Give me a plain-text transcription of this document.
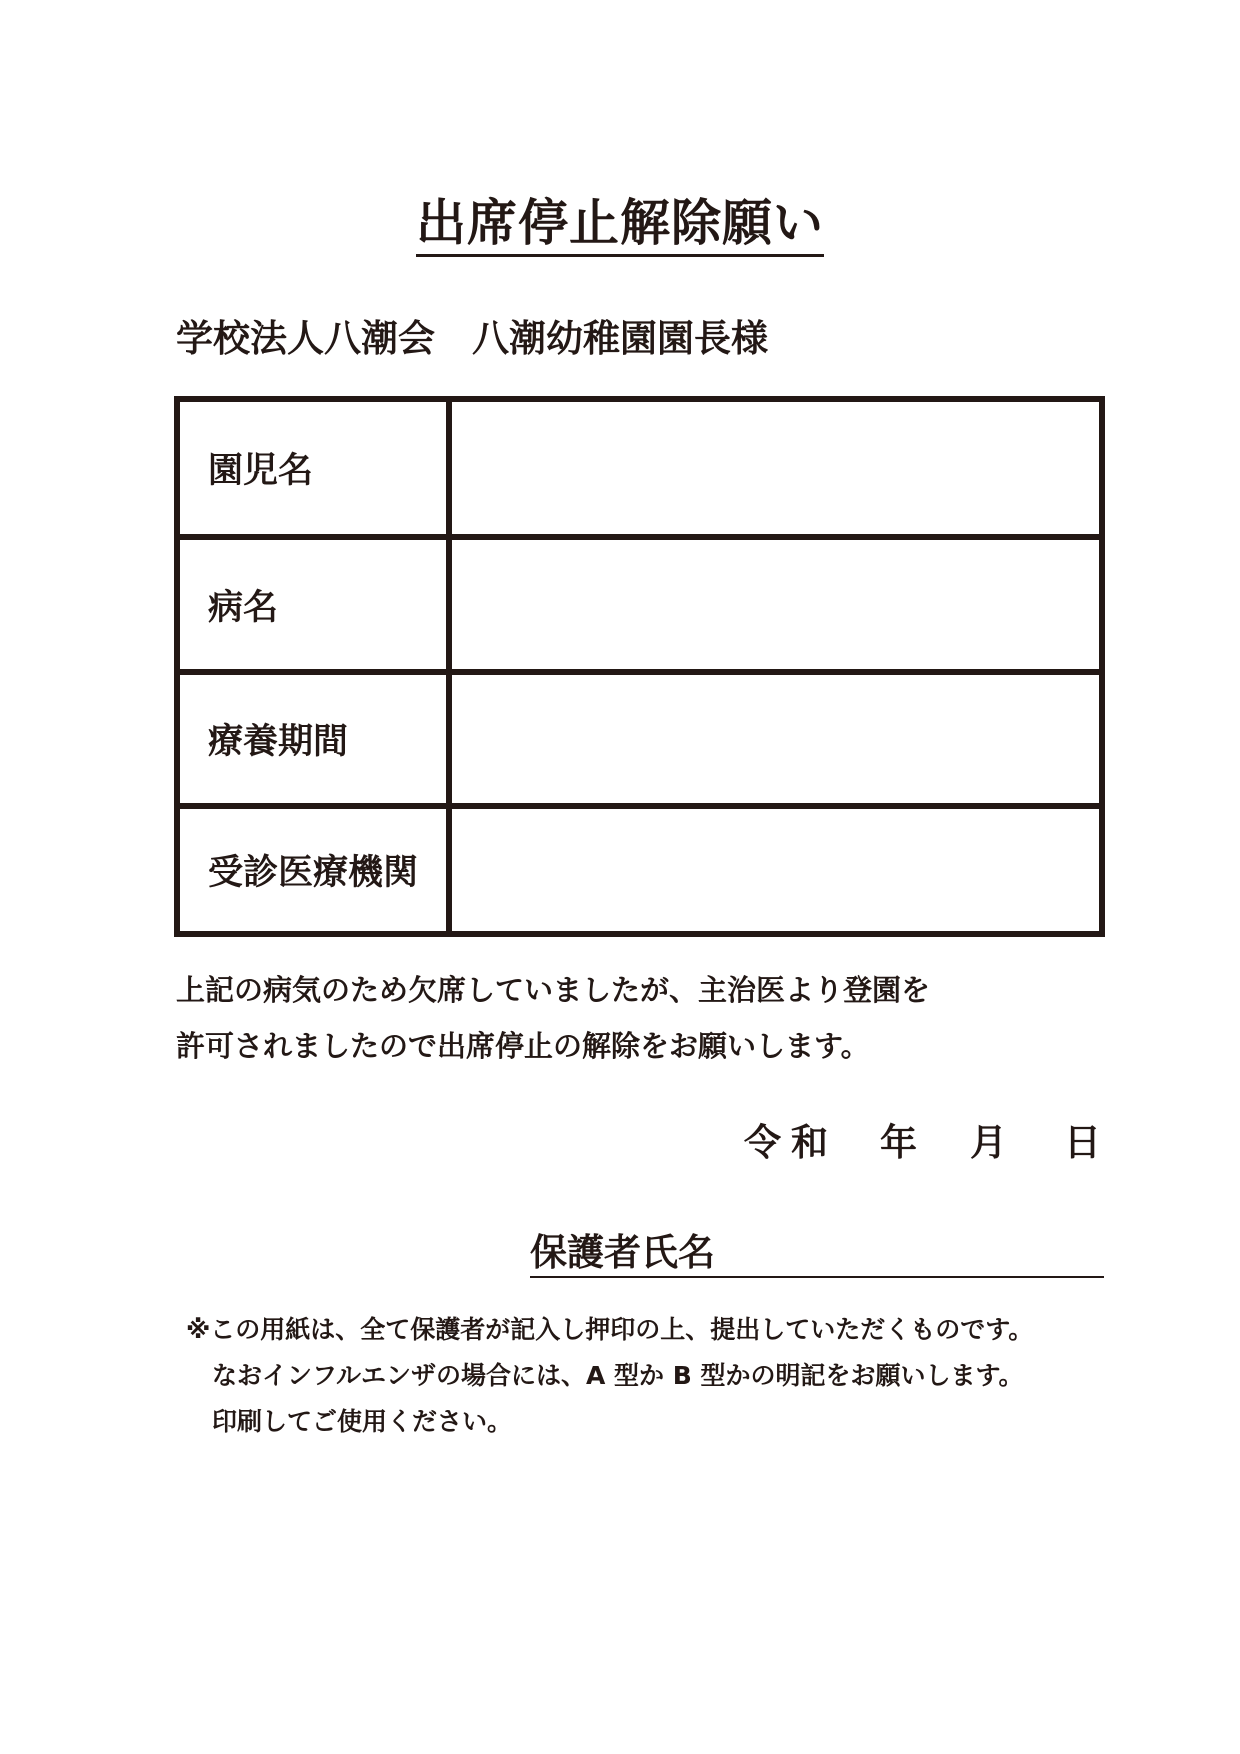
出席停止解除願い
学校法人八潮会　八潮幼稚園園長様
園児名
病名
療養期間
受診医療機関
上記の病気のため欠席していましたが、主治医より登園を
許可されましたので出席停止の解除をお願いします。
令和 年 月 日
保護者氏名
※この用紙は、全て保護者が記入し押印の上、提出していただくものです。
なおインフルエンザの場合には、A 型か B 型かの明記をお願いします。
印刷してご使用ください。
